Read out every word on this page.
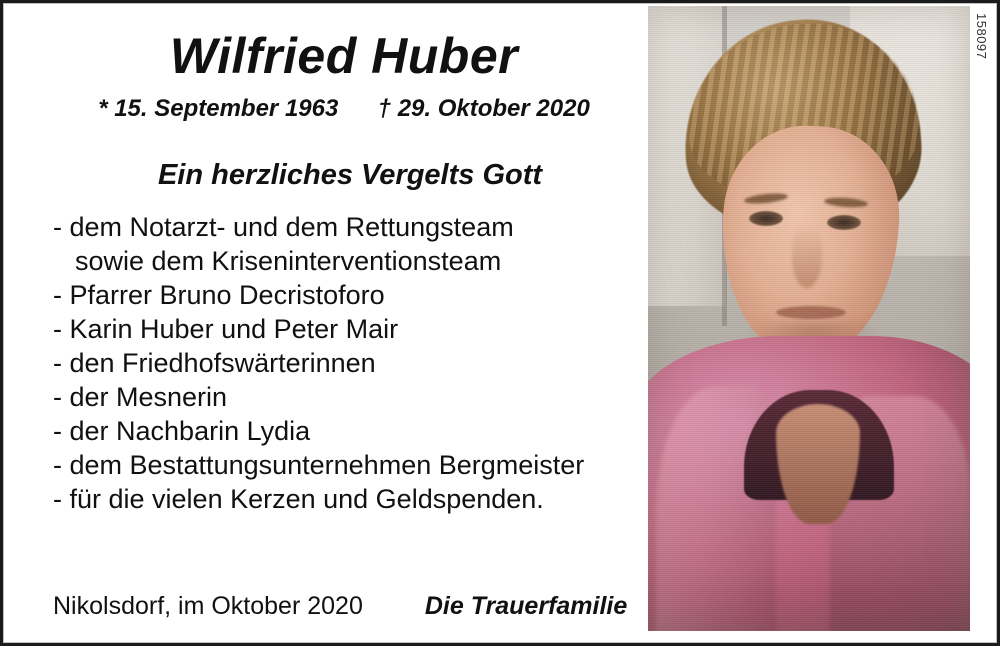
158097
Wilfried Huber
* 15. September 1963 † 29. Oktober 2020
Ein herzliches Vergelts Gott
- dem Notarzt- und dem Rettungsteam
sowie dem Kriseninterventionsteam
- Pfarrer Bruno Decristoforo
- Karin Huber und Peter Mair
- den Friedhofswärterinnen
- der Mesnerin
- der Nachbarin Lydia
- dem Bestattungsunternehmen Bergmeister
- für die vielen Kerzen und Geldspenden.
Nikolsdorf, im Oktober 2020 Die Trauerfamilie
